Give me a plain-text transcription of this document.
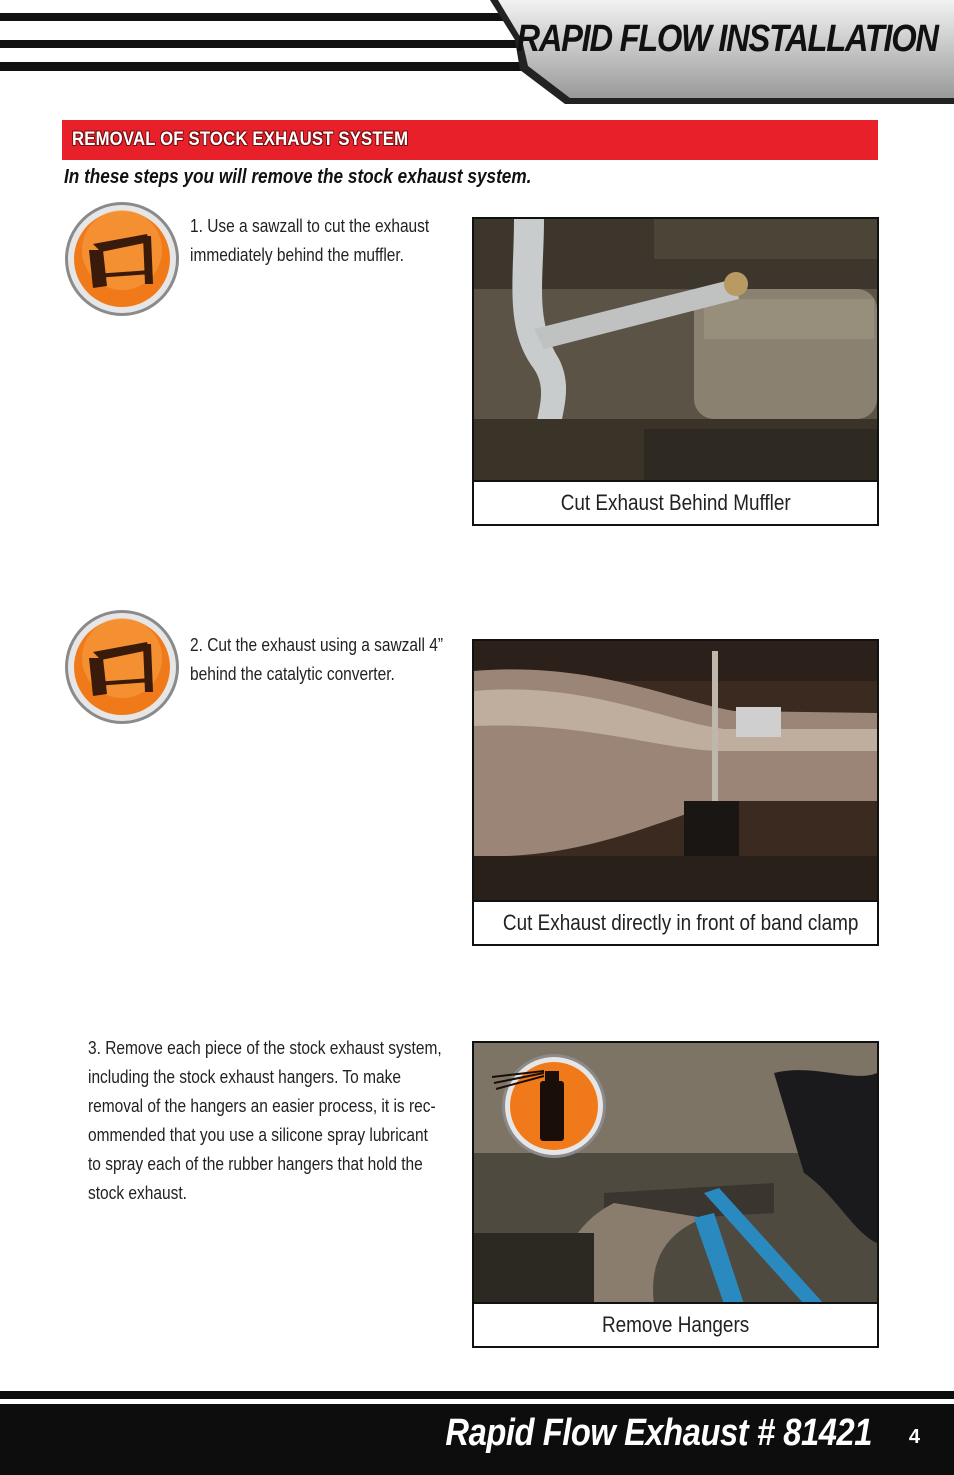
RAPID FLOW INSTALLATION
REMOVAL OF STOCK EXHAUST SYSTEM
In these steps you will remove the stock exhaust system.
1. Use a sawzall to cut the exhaust
immediately behind the muffler.
Cut Exhaust Behind Muffler
2. Cut the exhaust using a sawzall 4”
behind the catalytic converter.
Cut Exhaust directly in front of band clamp
3. Remove each piece of the stock exhaust system,
including the stock exhaust hangers. To make
removal of the hangers an easier process, it is rec-
ommended that you use a silicone spray lubricant
to spray each of the rubber hangers that hold the
stock exhaust.
Remove Hangers
Rapid Flow Exhaust # 81421 4
